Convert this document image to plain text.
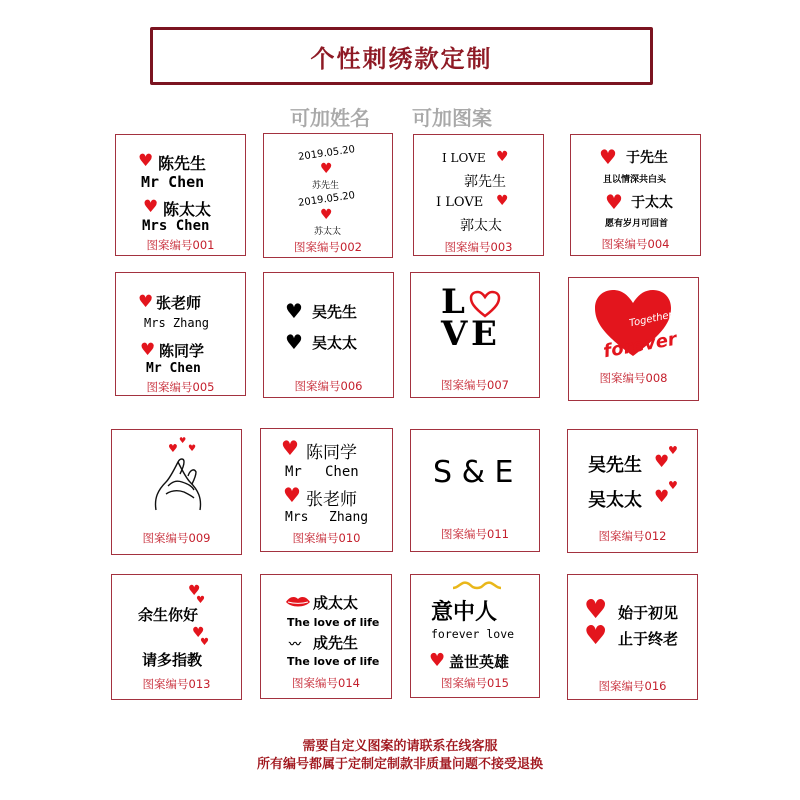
个性刺绣款定制
可加姓名 可加图案
♥ 陈先生
Mr Chen
♥ 陈太太
Mrs Chen
图案编号001
2019.05.20
♥
苏先生
2019.05.20
♥
苏太太
图案编号002
I LOVE ♥
郭先生
I LOVE ♥
郭太太
图案编号003
♥ 于先生
且以情深共白头
♥ 于太太
愿有岁月可回首
图案编号004
♥ 张老师
Mrs Zhang
♥ 陈同学
Mr Chen
图案编号005
♥ 吴先生
♥ 吴太太
图案编号006
L
V E
图案编号007
Together
forever
图案编号008
♥
♥
♥
图案编号009
♥ 陈同学
Mr Chen
♥ 张老师
Mrs Zhang
图案编号010
S & E
图案编号011
吴先生 ♥
♥
吴太太 ♥
♥
图案编号012
♥
♥
余生你好
♥
♥
请多指教
图案编号013
成太太
The love of life
〰 成先生
The love of life
图案编号014
意中人
forever love
♥ 盖世英雄
图案编号015
♥ 始于初见
♥ 止于终老
图案编号016
需要自定义图案的请联系在线客服
所有编号都属于定制定制款非质量问题不接受退换
